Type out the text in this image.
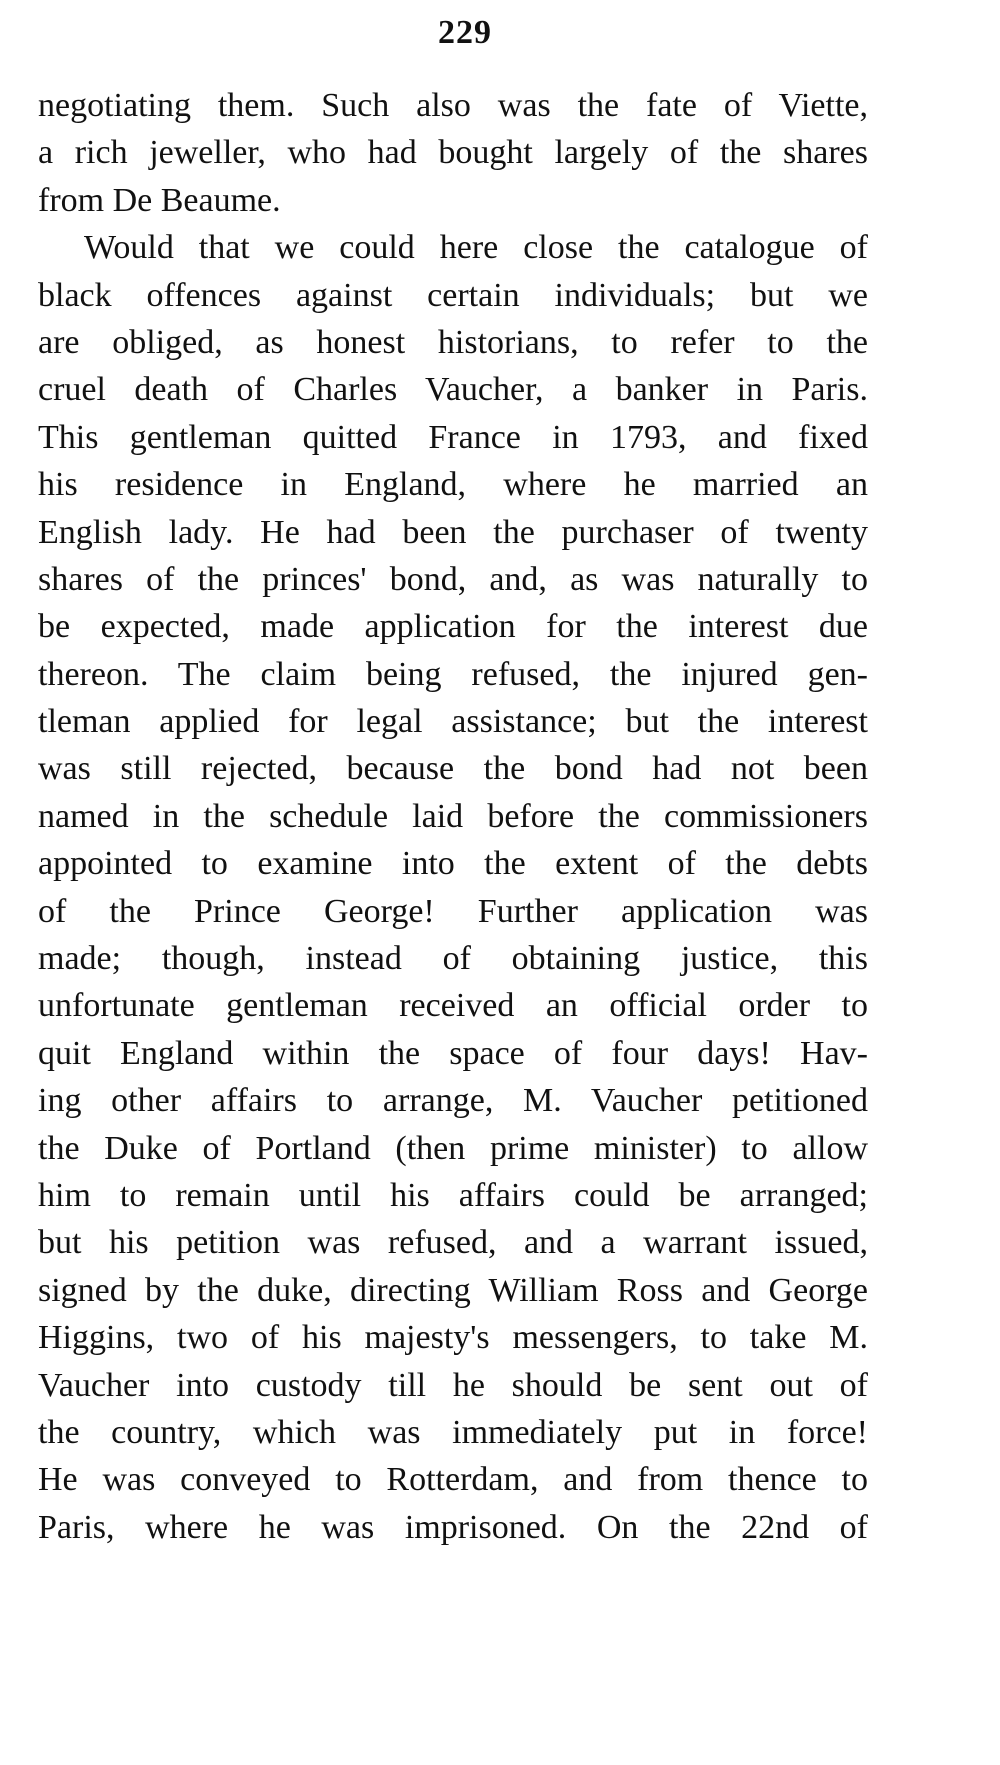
229
negotiating them. Such also was the fate of Viette,
a rich jeweller, who had bought largely of the shares
from De Beaume.
Would that we could here close the catalogue of
black offences against certain individuals; but we
are obliged, as honest historians, to refer to the
cruel death of Charles Vaucher, a banker in Paris.
This gentleman quitted France in 1793, and fixed
his residence in England, where he married an
English lady. He had been the purchaser of twenty
shares of the princes' bond, and, as was naturally to
be expected, made application for the interest due
thereon. The claim being refused, the injured gen-
tleman applied for legal assistance; but the interest
was still rejected, because the bond had not been
named in the schedule laid before the commissioners
appointed to examine into the extent of the debts
of the Prince George! Further application was
made; though, instead of obtaining justice, this
unfortunate gentleman received an official order to
quit England within the space of four days! Hav-
ing other affairs to arrange, M. Vaucher petitioned
the Duke of Portland (then prime minister) to allow
him to remain until his affairs could be arranged;
but his petition was refused, and a warrant issued,
signed by the duke, directing William Ross and George
Higgins, two of his majesty's messengers, to take M.
Vaucher into custody till he should be sent out of
the country, which was immediately put in force!
He was conveyed to Rotterdam, and from thence to
Paris, where he was imprisoned. On the 22nd of
